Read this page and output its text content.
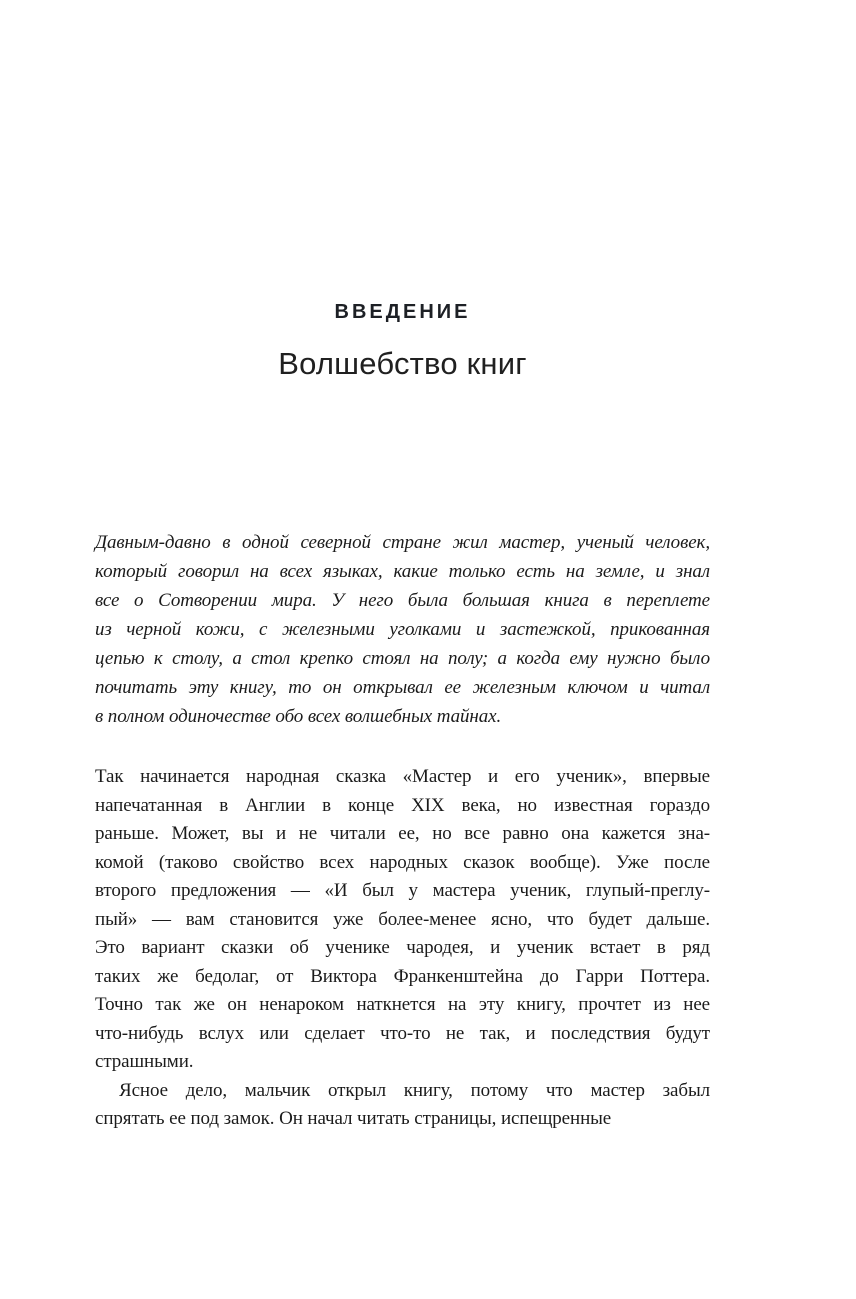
ВВЕДЕНИЕ
Волшебство книг
Давным-давно в одной северной стране жил мастер, ученый человек,
который говорил на всех языках, какие только есть на земле, и знал
все о Сотворении мира. У него была большая книга в переплете
из черной кожи, с железными уголками и застежкой, прикованная
цепью к столу, а стол крепко стоял на полу; а когда ему нужно было
почитать эту книгу, то он открывал ее железным ключом и читал
в полном одиночестве обо всех волшебных тайнах.
Так начинается народная сказка «Мастер и его ученик», впервые
напечатанная в Англии в конце XIX века, но известная гораздо
раньше. Может, вы и не читали ее, но все равно она кажется зна-
комой (таково свойство всех народных сказок вообще). Уже после
второго предложения — «И был у мастера ученик, глупый-преглу-
пый» — вам становится уже более-менее ясно, что будет дальше.
Это вариант сказки об ученике чародея, и ученик встает в ряд
таких же бедолаг, от Виктора Франкенштейна до Гарри Поттера.
Точно так же он ненароком наткнется на эту книгу, прочтет из нее
что-нибудь вслух или сделает что-то не так, и последствия будут
страшными.
Ясное дело, мальчик открыл книгу, потому что мастер забыл
спрятать ее под замок. Он начал читать страницы, испещренные
